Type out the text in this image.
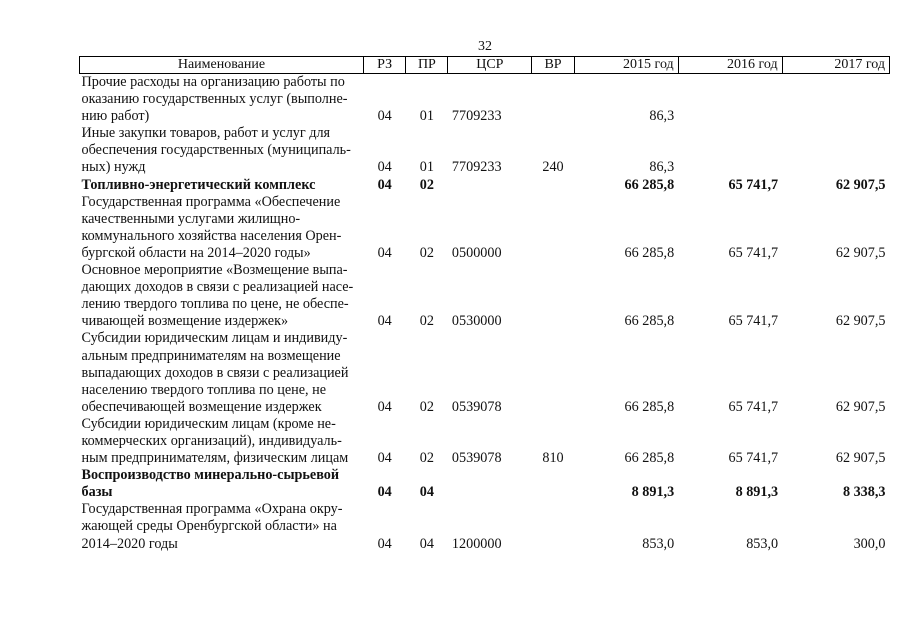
32
Наименование	РЗ	ПР	ЦСР	ВР	2015 год	2016 год	2017 год
Прочие расходы на организацию работы по оказанию государственных услуг (выполне-нию работ)	04	01	7709233		86,3		
Иные закупки товаров, работ и услуг для обеспечения государственных (муниципаль-ных) нужд	04	01	7709233	240	86,3		
Топливно-энергетический комплекс	04	02			66 285,8	65 741,7	62 907,5
Государственная программа «Обеспечение качественными услугами жилищно-коммунального хозяйства населения Орен-бургской области на 2014–2020 годы»	04	02	0500000		66 285,8	65 741,7	62 907,5
Основное мероприятие «Возмещение выпа-дающих доходов в связи с реализацией насе-лению твердого топлива по цене, не обеспе-чивающей возмещение издержек»	04	02	0530000		66 285,8	65 741,7	62 907,5
Субсидии юридическим лицам и индивиду-альным предпринимателям на возмещение выпадающих доходов в связи с реализацией населению твердого топлива по цене, не обеспечивающей возмещение издержек	04	02	0539078		66 285,8	65 741,7	62 907,5
Субсидии юридическим лицам (кроме не-коммерческих организаций), индивидуаль-ным предпринимателям, физическим лицам	04	02	0539078	810	66 285,8	65 741,7	62 907,5
Воспроизводство минерально-сырьевой базы	04	04			8 891,3	8 891,3	8 338,3
Государственная программа «Охрана окру-жающей среды Оренбургской области» на 2014–2020 годы	04	04	1200000		853,0	853,0	300,0
